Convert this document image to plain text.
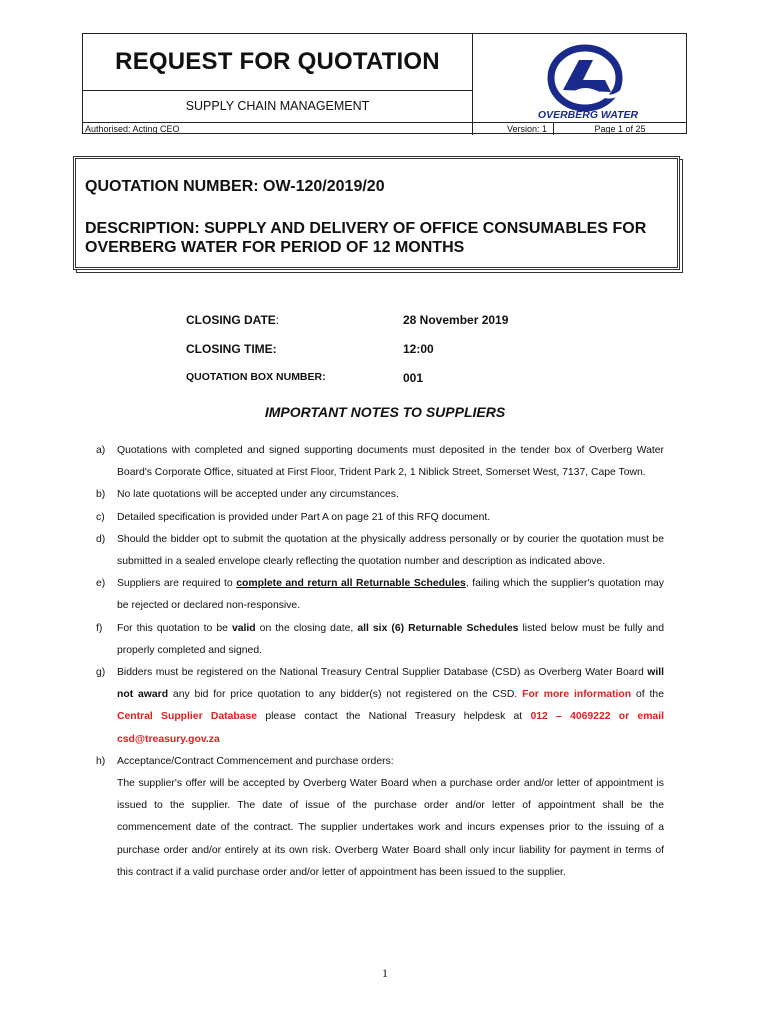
REQUEST FOR QUOTATION
SUPPLY CHAIN MANAGEMENT
OVERBERG WATER
Authorised: Acting CEO	Version: 1	Page 1 of 25
QUOTATION NUMBER: OW-120/2019/20
DESCRIPTION: SUPPLY AND DELIVERY OF OFFICE CONSUMABLES FOR OVERBERG WATER FOR PERIOD OF 12 MONTHS
CLOSING DATE:	28 November 2019
CLOSING TIME:	12:00
QUOTATION BOX NUMBER:	001
IMPORTANT NOTES TO SUPPLIERS
a) Quotations with completed and signed supporting documents must deposited in the tender box of Overberg Water Board's Corporate Office, situated at First Floor, Trident Park 2, 1 Niblick Street, Somerset West, 7137, Cape Town.

b) No late quotations will be accepted under any circumstances.

c) Detailed specification is provided under Part A on page 21 of this RFQ document.

d) Should the bidder opt to submit the quotation at the physically address personally or by courier the quotation must be submitted in a sealed envelope clearly reflecting the quotation number and description as indicated above.

e) Suppliers are required to complete and return all Returnable Schedules, failing which the supplier's quotation may be rejected or declared non-responsive.

f) For this quotation to be valid on the closing date, all six (6) Returnable Schedules listed below must be fully and properly completed and signed.

g) Bidders must be registered on the National Treasury Central Supplier Database (CSD) as Overberg Water Board will not award any bid for price quotation to any bidder(s) not registered on the CSD. For more information of the Central Supplier Database please contact the National Treasury helpdesk at 012 – 4069222 or email csd@treasury.gov.za

h) Acceptance/Contract Commencement and purchase orders:

The supplier's offer will be accepted by Overberg Water Board when a purchase order and/or letter of appointment is issued to the supplier. The date of issue of the purchase order and/or letter of appointment shall be the commencement date of the contract. The supplier undertakes work and incurs expenses prior to the issuing of a purchase order and/or entirely at its own risk. Overberg Water Board shall only incur liability for payment in terms of this contract if a valid purchase order and/or letter of appointment has been issued to the supplier.

1
